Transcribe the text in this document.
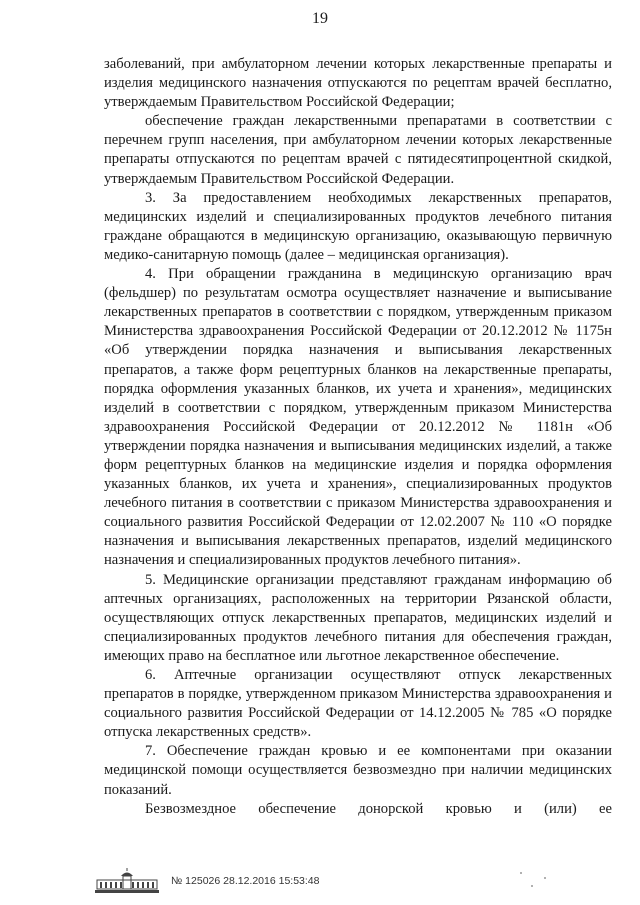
19

заболеваний, при амбулаторном лечении которых лекарственные препараты и изделия медицинского назначения отпускаются по рецептам врачей бесплатно, утверждаемым Правительством Российской Федерации;

обеспечение граждан лекарственными препаратами в соответствии с перечнем групп населения, при амбулаторном лечении которых лекарственные препараты отпускаются по рецептам врачей с пятидесятипроцентной скидкой, утверждаемым Правительством Российской Федерации.

3. За предоставлением необходимых лекарственных препаратов, медицинских изделий и специализированных продуктов лечебного питания граждане обращаются в медицинскую организацию, оказывающую первичную медико-санитарную помощь (далее – медицинская организация).

4. При обращении гражданина в медицинскую организацию врач (фельдшер) по результатам осмотра осуществляет назначение и выписывание лекарственных препаратов в соответствии с порядком, утвержденным приказом Министерства здравоохранения Российской Федерации от 20.12.2012 № 1175н «Об утверждении порядка назначения и выписывания лекарственных препаратов, а также форм рецептурных бланков на лекарственные препараты, порядка оформления указанных бланков, их учета и хранения», медицинских изделий в соответствии с порядком, утвержденным приказом Министерства здравоохранения Российской Федерации от 20.12.2012 № 1181н «Об утверждении порядка назначения и выписывания медицинских изделий, а также форм рецептурных бланков на медицинские изделия и порядка оформления указанных бланков, их учета и хранения», специализированных продуктов лечебного питания в соответствии с приказом Министерства здравоохранения и социального развития Российской Федерации от 12.02.2007 № 110 «О порядке назначения и выписывания лекарственных препаратов, изделий медицинского назначения и специализированных продуктов лечебного питания».

5. Медицинские организации представляют гражданам информацию об аптечных организациях, расположенных на территории Рязанской области, осуществляющих отпуск лекарственных препаратов, медицинских изделий и специализированных продуктов лечебного питания для обеспечения граждан, имеющих право на бесплатное или льготное лекарственное обеспечение.

6. Аптечные организации осуществляют отпуск лекарственных препаратов в порядке, утвержденном приказом Министерства здравоохранения и социального развития Российской Федерации от 14.12.2005 № 785 «О порядке отпуска лекарственных средств».

7. Обеспечение граждан кровью и ее компонентами при оказании медицинской помощи осуществляется безвозмездно при наличии медицинских показаний.

Безвозмездное обеспечение донорской кровью и (или) ее

№ 125026 28.12.2016 15:53:48
